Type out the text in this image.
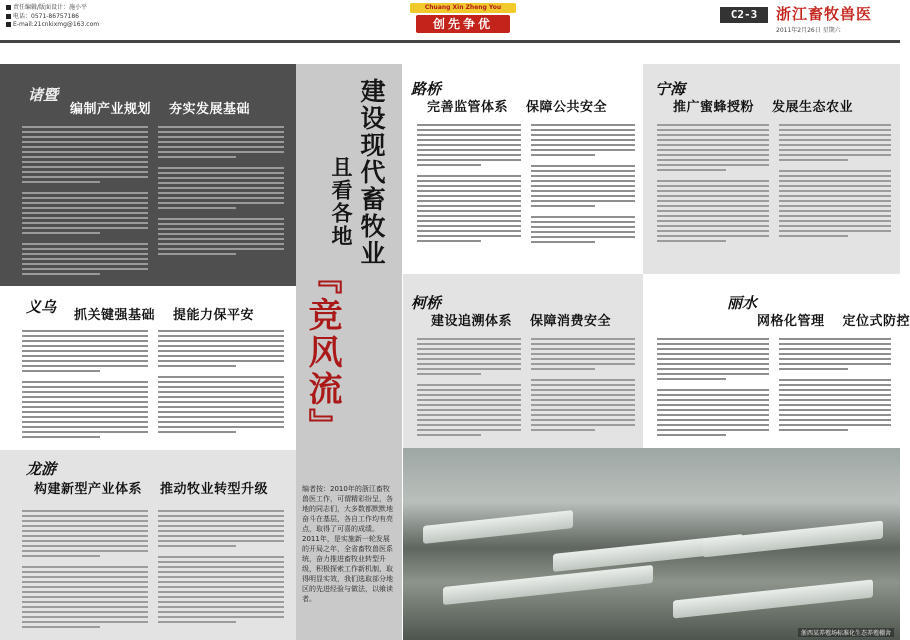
责任编辑/版面设计：施小平
电话：0571-86757186
E-mail:21cnkixmg@163.com
Chuang Xin Zheng You
创先争优
C2-3	浙江畜牧兽医
2011年2月26日 星期六
诸暨
编制产业规划 夯实发展基础
义乌 抓关键强基础 提能力保平安
龙游
构建新型产业体系 推动牧业转型升级
建设现代畜牧业
且看各地
『竞风流』
编者按：2010年的浙江畜牧兽医工作，可谓精彩纷呈，各地的同志们，大多数都默默地奋斗在基层，各自工作均有亮点，取得了可喜的成绩。2011年，是实施新一轮发展的开局之年，全省畜牧兽医系统，奋力推进畜牧业转型升级，积极探索工作新机制，取得明显实效，我们选取部分地区的先进经验与做法，以飨读者。
路桥
完善监管体系 保障公共安全
宁海
推广蜜蜂授粉 发展生态农业
柯桥
建设追溯体系 保障消费安全
丽水
网格化管理 定位式防控
浙西某养殖场标准化生态养殖棚舍
